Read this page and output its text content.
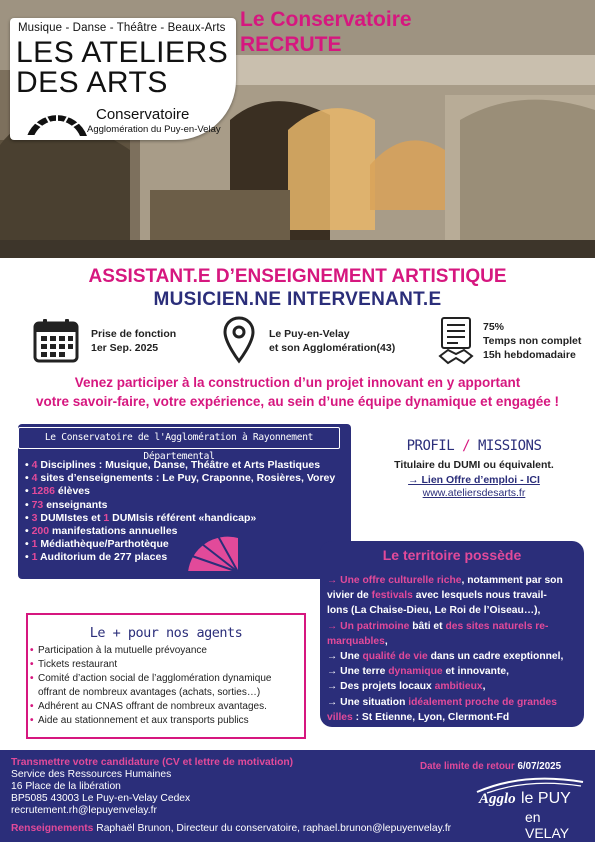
Musique - Danse - Théâtre - Beaux-Arts
LES ATELIERS
DES ARTS
Conservatoire
Agglomération du Puy-en-Velay
Le Conservatoire
RECRUTE
ASSISTANT.E D’ENSEIGNEMENT ARTISTIQUE
MUSICIEN.NE INTERVENANT.E
Prise de fonction
1er Sep. 2025
Le Puy-en-Velay
et son Agglomération(43)
75%
Temps non complet
15h hebdomadaire
Venez participer à la construction d’un projet innovant en y apportant
votre savoir-faire, votre expérience, au sein d’une équipe dynamique et engagée !
Le Conservatoire de l'Agglomération à Rayonnement Départemental
• 4 Disciplines : Musique, Danse, Théâtre et Arts Plastiques
• 4 sites d’enseignements : Le Puy, Craponne, Rosières, Vorey
• 1286 élèves
• 73 enseignants
• 3 DUMIstes et 1 DUMIsis référent «handicap»
• 200 manifestations annuelles
• 1 Médiathèque/Parthotèque
• 1 Auditorium de 277 places
PROFIL / MISSIONS
Titulaire du DUMI ou équivalent.
→ Lien Offre d’emploi - ICI
www.ateliersdesarts.fr
Le territoire possède
→ Une offre culturelle riche, notamment par son
vivier de festivals avec lesquels nous travail-
lons (La Chaise-Dieu, Le Roi de l’Oiseau…),
→ Un patrimoine bâti et des sites naturels re-
marquables,
→ Une qualité de vie dans un cadre exeptionnel,
→ Une terre dynamique et innovante,
→ Des projets locaux ambitieux,
→ Une situation idéalement proche de grandes
villes : St Etienne, Lyon, Clermont-Fd
Le + pour nos agents
• Participation à la mutuelle prévoyance
• Tickets restaurant
• Comité d’action social de l’agglomération dynamique offrant de nombreux avantages (achats, sorties…)
• Adhérent au CNAS offrant de nombreux avantages.
• Aide au stationnement et aux transports publics
Transmettre votre candidature (CV et lettre de motivation)
Service des Ressources Humaines
16 Place de la libération
BP5085 43003 Le Puy-en-Velay Cedex
recrutement.rh@lepuyenvelay.fr
Renseignements Raphaël Brunon, Directeur du conservatoire, raphael.brunon@lepuyenvelay.fr
Date limite de retour 6/07/2025
Agglo le PUY
en VELAY
